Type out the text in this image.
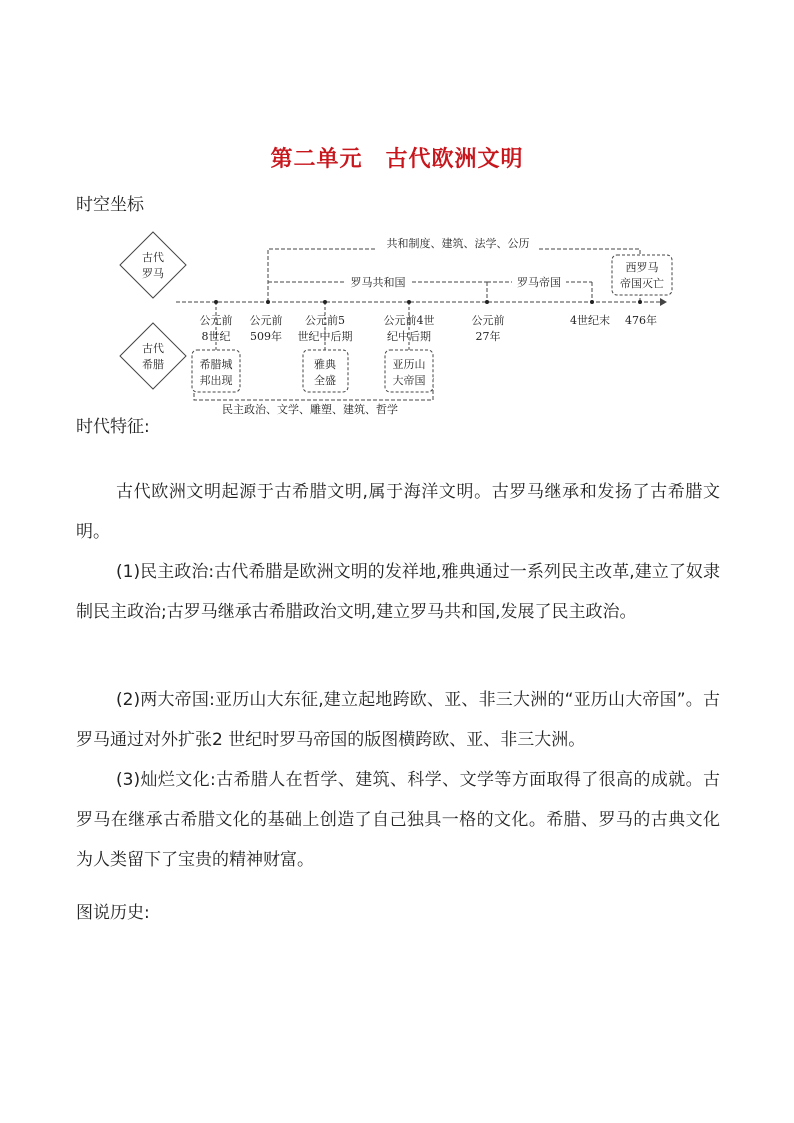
第二单元　古代欧洲文明
时空坐标
古代
罗马
古代
希腊
共和制度、建筑、法学、公历
罗马共和国	罗马帝国
西罗马
帝国灭亡
公元前
8世纪
公元前
509年
公元前5
世纪中后期
公元前4世
纪中后期
公元前
27年
4世纪末 476年
希腊城
邦出现
雅典
全盛
亚历山
大帝国
民主政治、文学、雕塑、建筑、哲学
时代特征:
古代欧洲文明起源于古希腊文明,属于海洋文明。古罗马继承和发扬了古希腊文明。
(1)民主政治:古代希腊是欧洲文明的发祥地,雅典通过一系列民主改革,建立了奴隶制民主政治;古罗马继承古希腊政治文明,建立罗马共和国,发展了民主政治。
(2)两大帝国:亚历山大东征,建立起地跨欧、亚、非三大洲的“亚历山大帝国”。古罗马通过对外扩张2 世纪时罗马帝国的版图横跨欧、亚、非三大洲。
(3)灿烂文化:古希腊人在哲学、建筑、科学、文学等方面取得了很高的成就。古罗马在继承古希腊文化的基础上创造了自己独具一格的文化。希腊、罗马的古典文化为人类留下了宝贵的精神财富。
图说历史:
